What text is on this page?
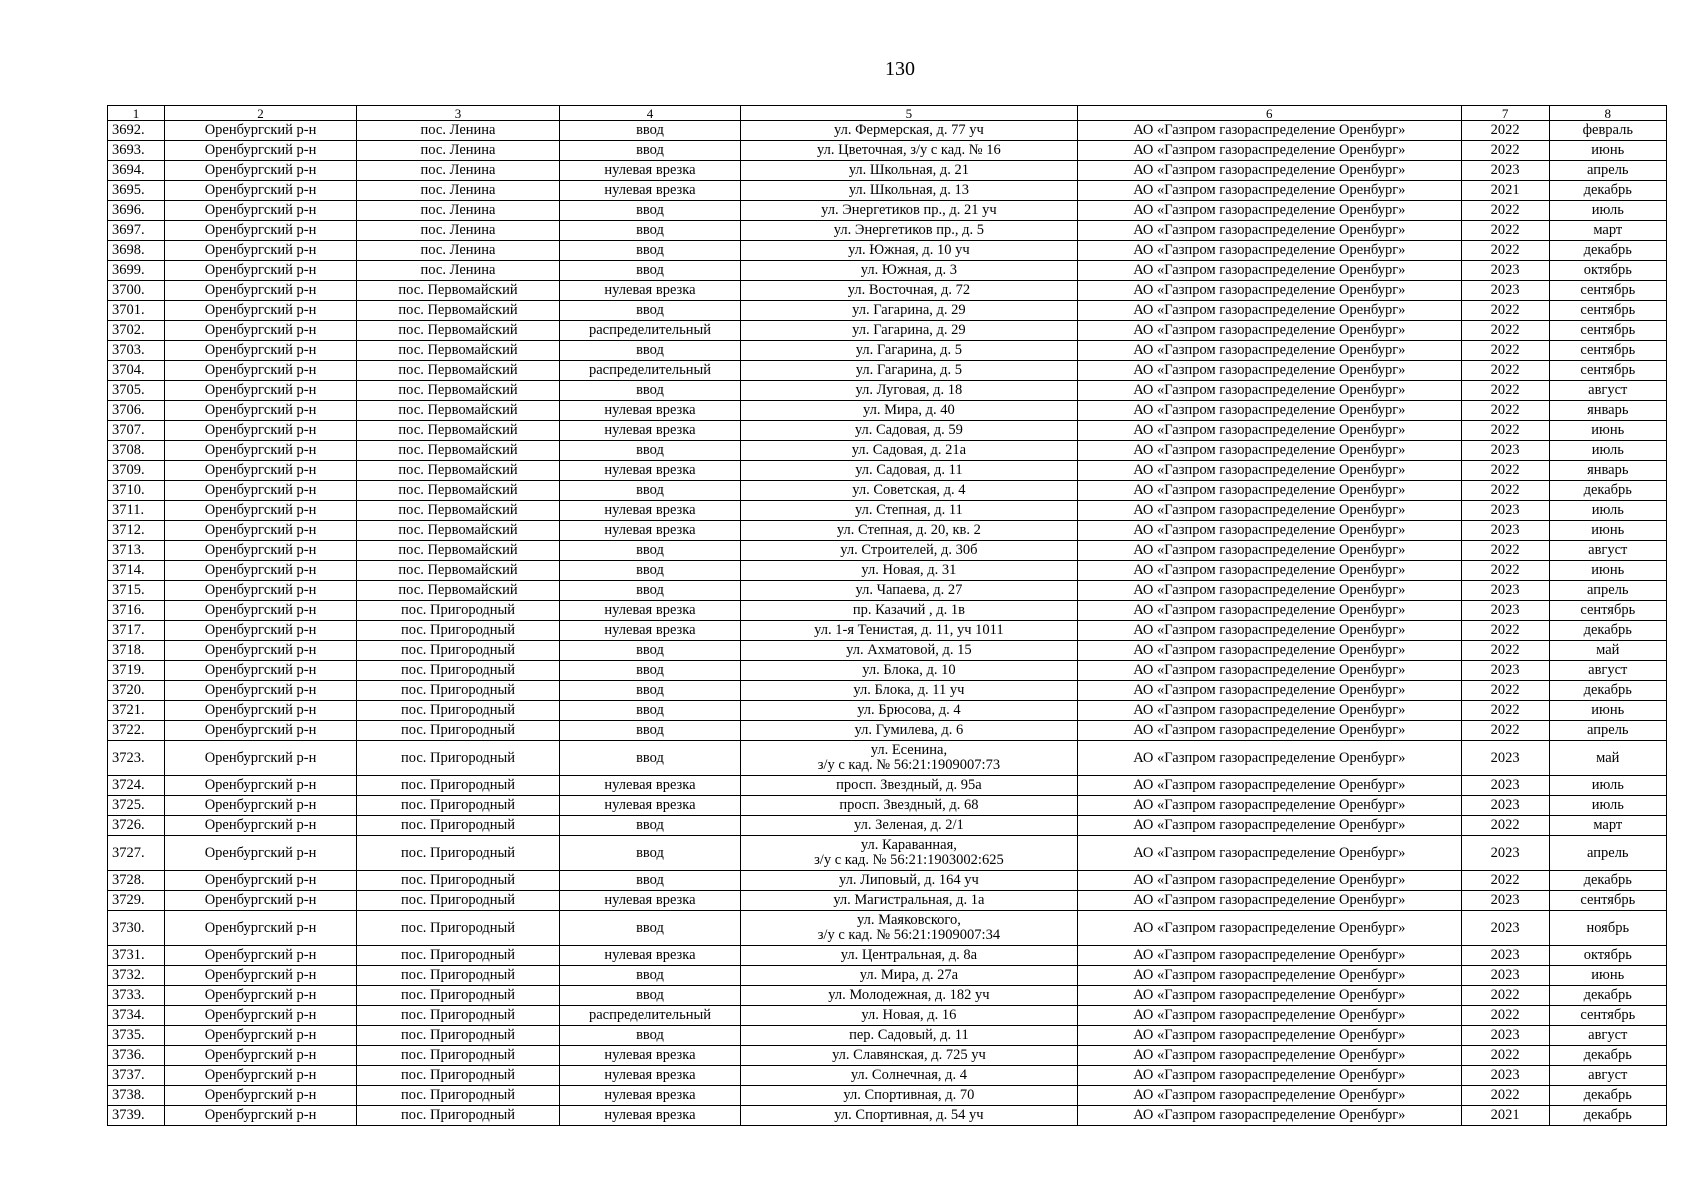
130
1	2	3	4	5	6	7	8
3692.	Оренбургский р-н	пос. Ленина	ввод	ул. Фермерская, д. 77 уч	АО «Газпром газораспределение Оренбург»	2022	февраль
3693.	Оренбургский р-н	пос. Ленина	ввод	ул. Цветочная, з/у с кад. № 16	АО «Газпром газораспределение Оренбург»	2022	июнь
3694.	Оренбургский р-н	пос. Ленина	нулевая врезка	ул. Школьная, д. 21	АО «Газпром газораспределение Оренбург»	2023	апрель
3695.	Оренбургский р-н	пос. Ленина	нулевая врезка	ул. Школьная, д. 13	АО «Газпром газораспределение Оренбург»	2021	декабрь
3696.	Оренбургский р-н	пос. Ленина	ввод	ул. Энергетиков пр., д. 21 уч	АО «Газпром газораспределение Оренбург»	2022	июль
3697.	Оренбургский р-н	пос. Ленина	ввод	ул. Энергетиков пр., д. 5	АО «Газпром газораспределение Оренбург»	2022	март
3698.	Оренбургский р-н	пос. Ленина	ввод	ул. Южная, д. 10 уч	АО «Газпром газораспределение Оренбург»	2022	декабрь
3699.	Оренбургский р-н	пос. Ленина	ввод	ул. Южная, д. 3	АО «Газпром газораспределение Оренбург»	2023	октябрь
3700.	Оренбургский р-н	пос. Первомайский	нулевая врезка	ул. Восточная, д. 72	АО «Газпром газораспределение Оренбург»	2023	сентябрь
3701.	Оренбургский р-н	пос. Первомайский	ввод	ул. Гагарина, д. 29	АО «Газпром газораспределение Оренбург»	2022	сентябрь
3702.	Оренбургский р-н	пос. Первомайский	распределительный	ул. Гагарина, д. 29	АО «Газпром газораспределение Оренбург»	2022	сентябрь
3703.	Оренбургский р-н	пос. Первомайский	ввод	ул. Гагарина, д. 5	АО «Газпром газораспределение Оренбург»	2022	сентябрь
3704.	Оренбургский р-н	пос. Первомайский	распределительный	ул. Гагарина, д. 5	АО «Газпром газораспределение Оренбург»	2022	сентябрь
3705.	Оренбургский р-н	пос. Первомайский	ввод	ул. Луговая, д. 18	АО «Газпром газораспределение Оренбург»	2022	август
3706.	Оренбургский р-н	пос. Первомайский	нулевая врезка	ул. Мира, д. 40	АО «Газпром газораспределение Оренбург»	2022	январь
3707.	Оренбургский р-н	пос. Первомайский	нулевая врезка	ул. Садовая, д. 59	АО «Газпром газораспределение Оренбург»	2022	июнь
3708.	Оренбургский р-н	пос. Первомайский	ввод	ул. Садовая, д. 21а	АО «Газпром газораспределение Оренбург»	2023	июль
3709.	Оренбургский р-н	пос. Первомайский	нулевая врезка	ул. Садовая, д. 11	АО «Газпром газораспределение Оренбург»	2022	январь
3710.	Оренбургский р-н	пос. Первомайский	ввод	ул. Советская, д. 4	АО «Газпром газораспределение Оренбург»	2022	декабрь
3711.	Оренбургский р-н	пос. Первомайский	нулевая врезка	ул. Степная, д. 11	АО «Газпром газораспределение Оренбург»	2023	июль
3712.	Оренбургский р-н	пос. Первомайский	нулевая врезка	ул. Степная, д. 20, кв. 2	АО «Газпром газораспределение Оренбург»	2023	июнь
3713.	Оренбургский р-н	пос. Первомайский	ввод	ул. Строителей, д. 30б	АО «Газпром газораспределение Оренбург»	2022	август
3714.	Оренбургский р-н	пос. Первомайский	ввод	ул. Новая, д. 31	АО «Газпром газораспределение Оренбург»	2022	июнь
3715.	Оренбургский р-н	пос. Первомайский	ввод	ул. Чапаева, д. 27	АО «Газпром газораспределение Оренбург»	2023	апрель
3716.	Оренбургский р-н	пос. Пригородный	нулевая врезка	пр. Казачий , д. 1в	АО «Газпром газораспределение Оренбург»	2023	сентябрь
3717.	Оренбургский р-н	пос. Пригородный	нулевая врезка	ул. 1-я Тенистая, д. 11, уч 1011	АО «Газпром газораспределение Оренбург»	2022	декабрь
3718.	Оренбургский р-н	пос. Пригородный	ввод	ул. Ахматовой, д. 15	АО «Газпром газораспределение Оренбург»	2022	май
3719.	Оренбургский р-н	пос. Пригородный	ввод	ул. Блока, д. 10	АО «Газпром газораспределение Оренбург»	2023	август
3720.	Оренбургский р-н	пос. Пригородный	ввод	ул. Блока, д. 11 уч	АО «Газпром газораспределение Оренбург»	2022	декабрь
3721.	Оренбургский р-н	пос. Пригородный	ввод	ул. Брюсова, д. 4	АО «Газпром газораспределение Оренбург»	2022	июнь
3722.	Оренбургский р-н	пос. Пригородный	ввод	ул. Гумилева, д. 6	АО «Газпром газораспределение Оренбург»	2022	апрель
3723.	Оренбургский р-н	пос. Пригородный	ввод	ул. Есенина,
з/у с кад. № 56:21:1909007:73	АО «Газпром газораспределение Оренбург»	2023	май
3724.	Оренбургский р-н	пос. Пригородный	нулевая врезка	просп. Звездный, д. 95а	АО «Газпром газораспределение Оренбург»	2023	июль
3725.	Оренбургский р-н	пос. Пригородный	нулевая врезка	просп. Звездный, д. 68	АО «Газпром газораспределение Оренбург»	2023	июль
3726.	Оренбургский р-н	пос. Пригородный	ввод	ул. Зеленая, д. 2/1	АО «Газпром газораспределение Оренбург»	2022	март
3727.	Оренбургский р-н	пос. Пригородный	ввод	ул. Караванная,
з/у с кад. № 56:21:1903002:625	АО «Газпром газораспределение Оренбург»	2023	апрель
3728.	Оренбургский р-н	пос. Пригородный	ввод	ул. Липовый, д. 164 уч	АО «Газпром газораспределение Оренбург»	2022	декабрь
3729.	Оренбургский р-н	пос. Пригородный	нулевая врезка	ул. Магистральная, д. 1а	АО «Газпром газораспределение Оренбург»	2023	сентябрь
3730.	Оренбургский р-н	пос. Пригородный	ввод	ул. Маяковского,
з/у с кад. № 56:21:1909007:34	АО «Газпром газораспределение Оренбург»	2023	ноябрь
3731.	Оренбургский р-н	пос. Пригородный	нулевая врезка	ул. Центральная, д. 8а	АО «Газпром газораспределение Оренбург»	2023	октябрь
3732.	Оренбургский р-н	пос. Пригородный	ввод	ул. Мира, д. 27а	АО «Газпром газораспределение Оренбург»	2023	июнь
3733.	Оренбургский р-н	пос. Пригородный	ввод	ул. Молодежная, д. 182 уч	АО «Газпром газораспределение Оренбург»	2022	декабрь
3734.	Оренбургский р-н	пос. Пригородный	распределительный	ул. Новая, д. 16	АО «Газпром газораспределение Оренбург»	2022	сентябрь
3735.	Оренбургский р-н	пос. Пригородный	ввод	пер. Садовый, д. 11	АО «Газпром газораспределение Оренбург»	2023	август
3736.	Оренбургский р-н	пос. Пригородный	нулевая врезка	ул. Славянская, д. 725 уч	АО «Газпром газораспределение Оренбург»	2022	декабрь
3737.	Оренбургский р-н	пос. Пригородный	нулевая врезка	ул. Солнечная, д. 4	АО «Газпром газораспределение Оренбург»	2023	август
3738.	Оренбургский р-н	пос. Пригородный	нулевая врезка	ул. Спортивная, д. 70	АО «Газпром газораспределение Оренбург»	2022	декабрь
3739.	Оренбургский р-н	пос. Пригородный	нулевая врезка	ул. Спортивная, д. 54 уч	АО «Газпром газораспределение Оренбург»	2021	декабрь
